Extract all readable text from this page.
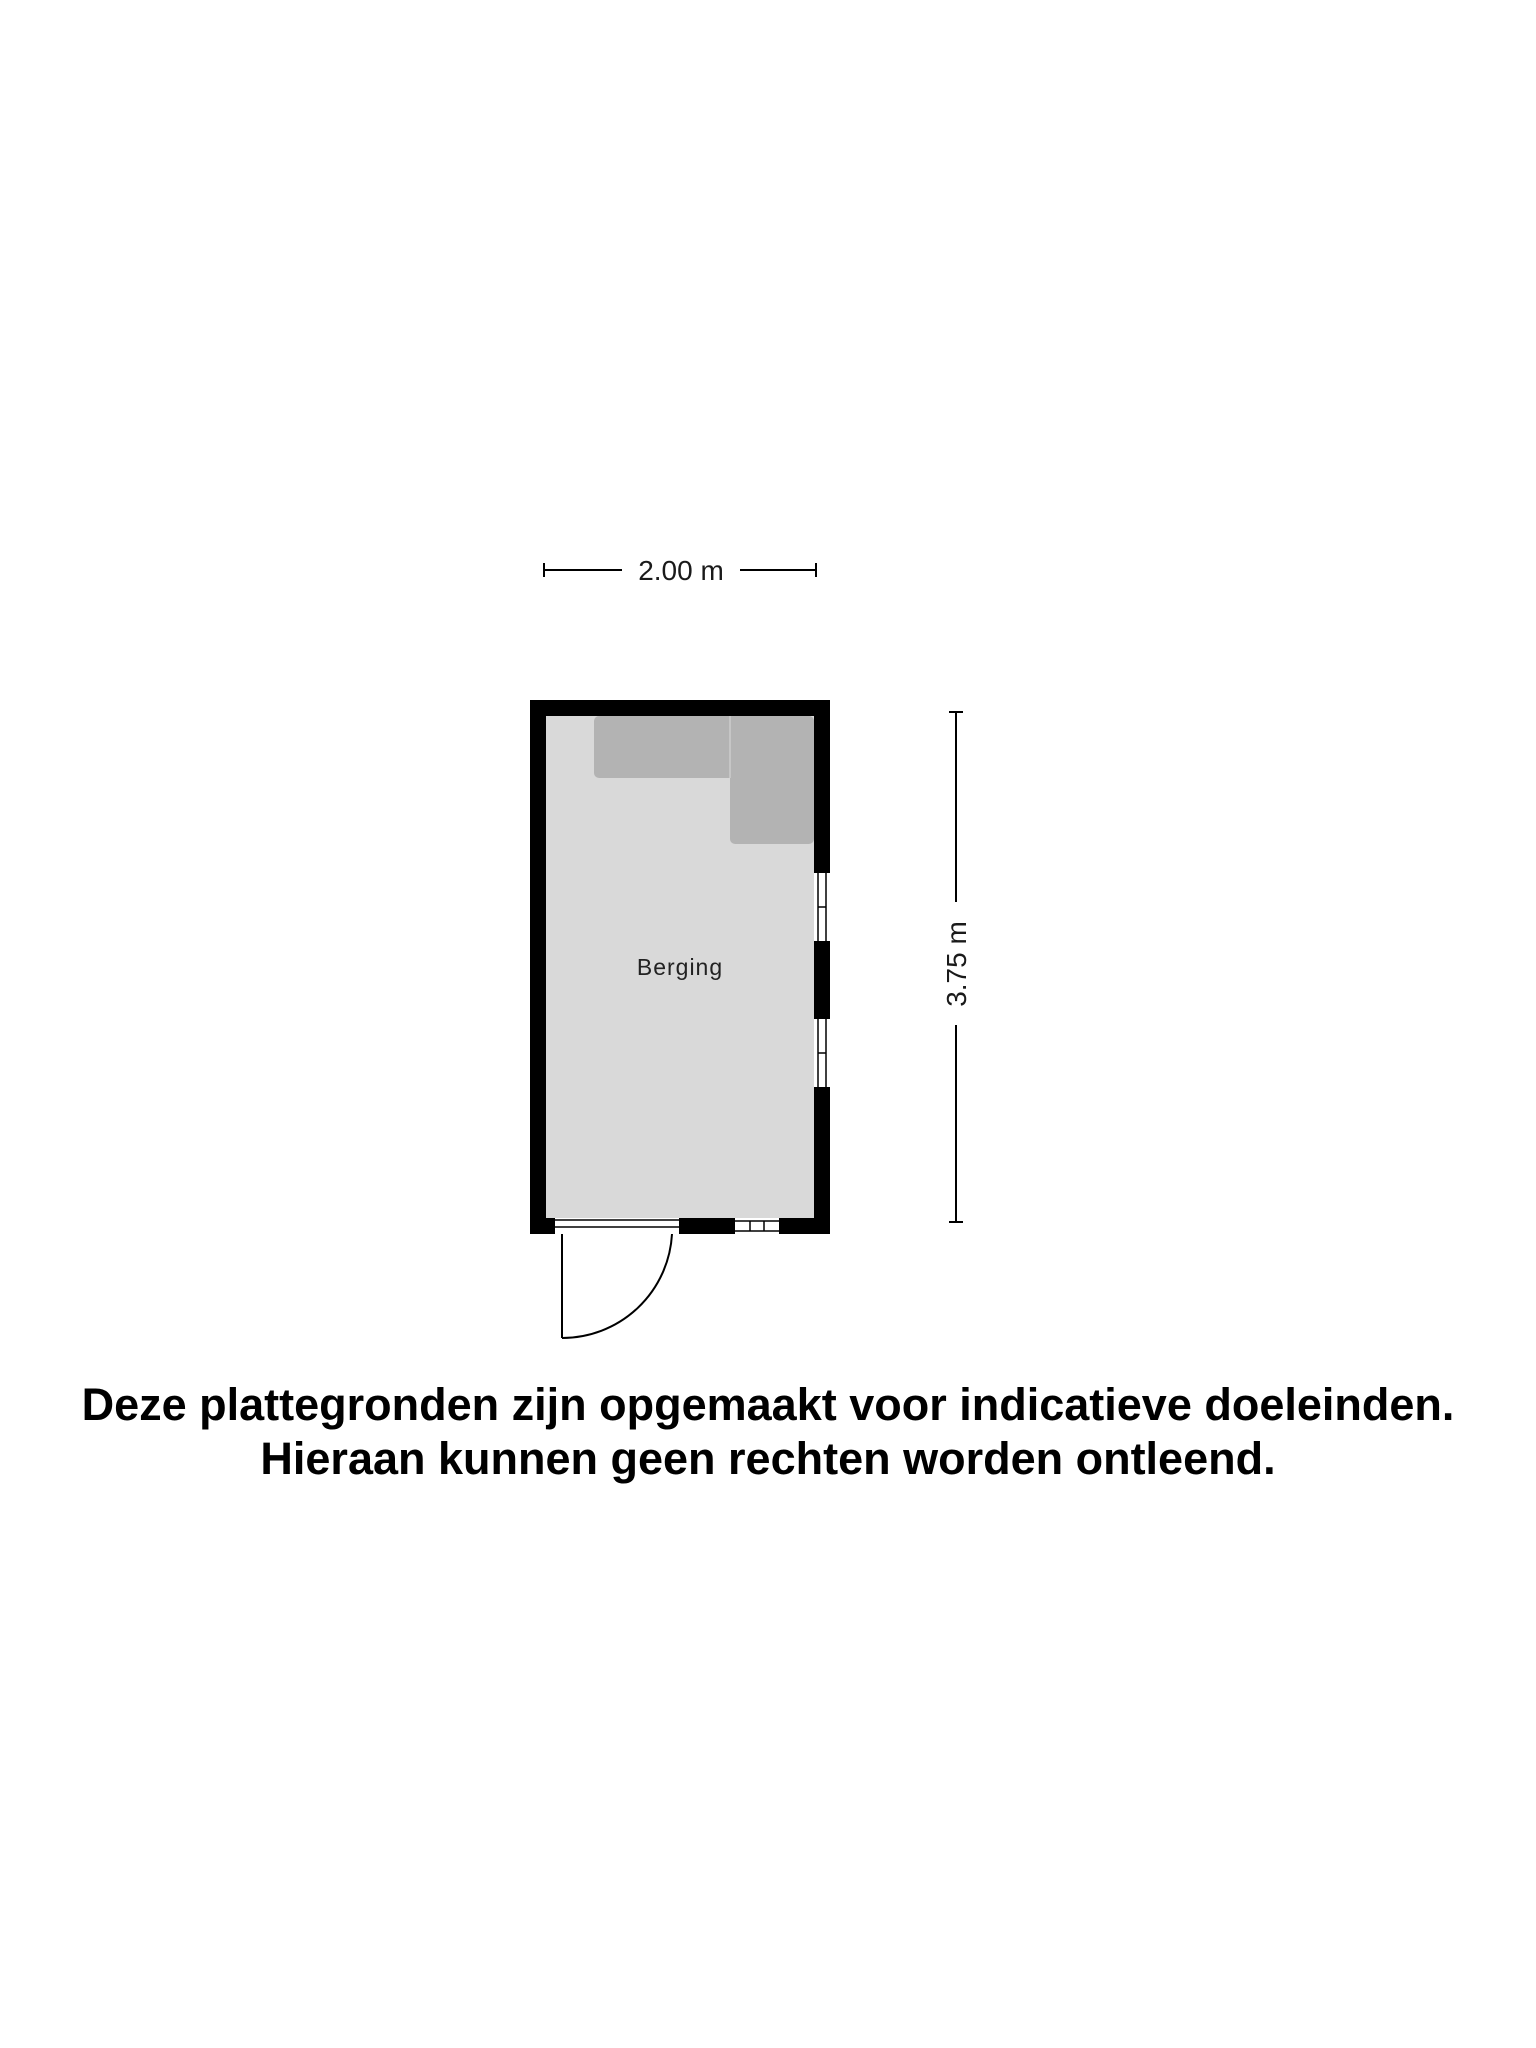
2.00 m
3.75 m
Berging
Deze plattegronden zijn opgemaakt voor indicatieve doeleinden.
Hieraan kunnen geen rechten worden ontleend.
